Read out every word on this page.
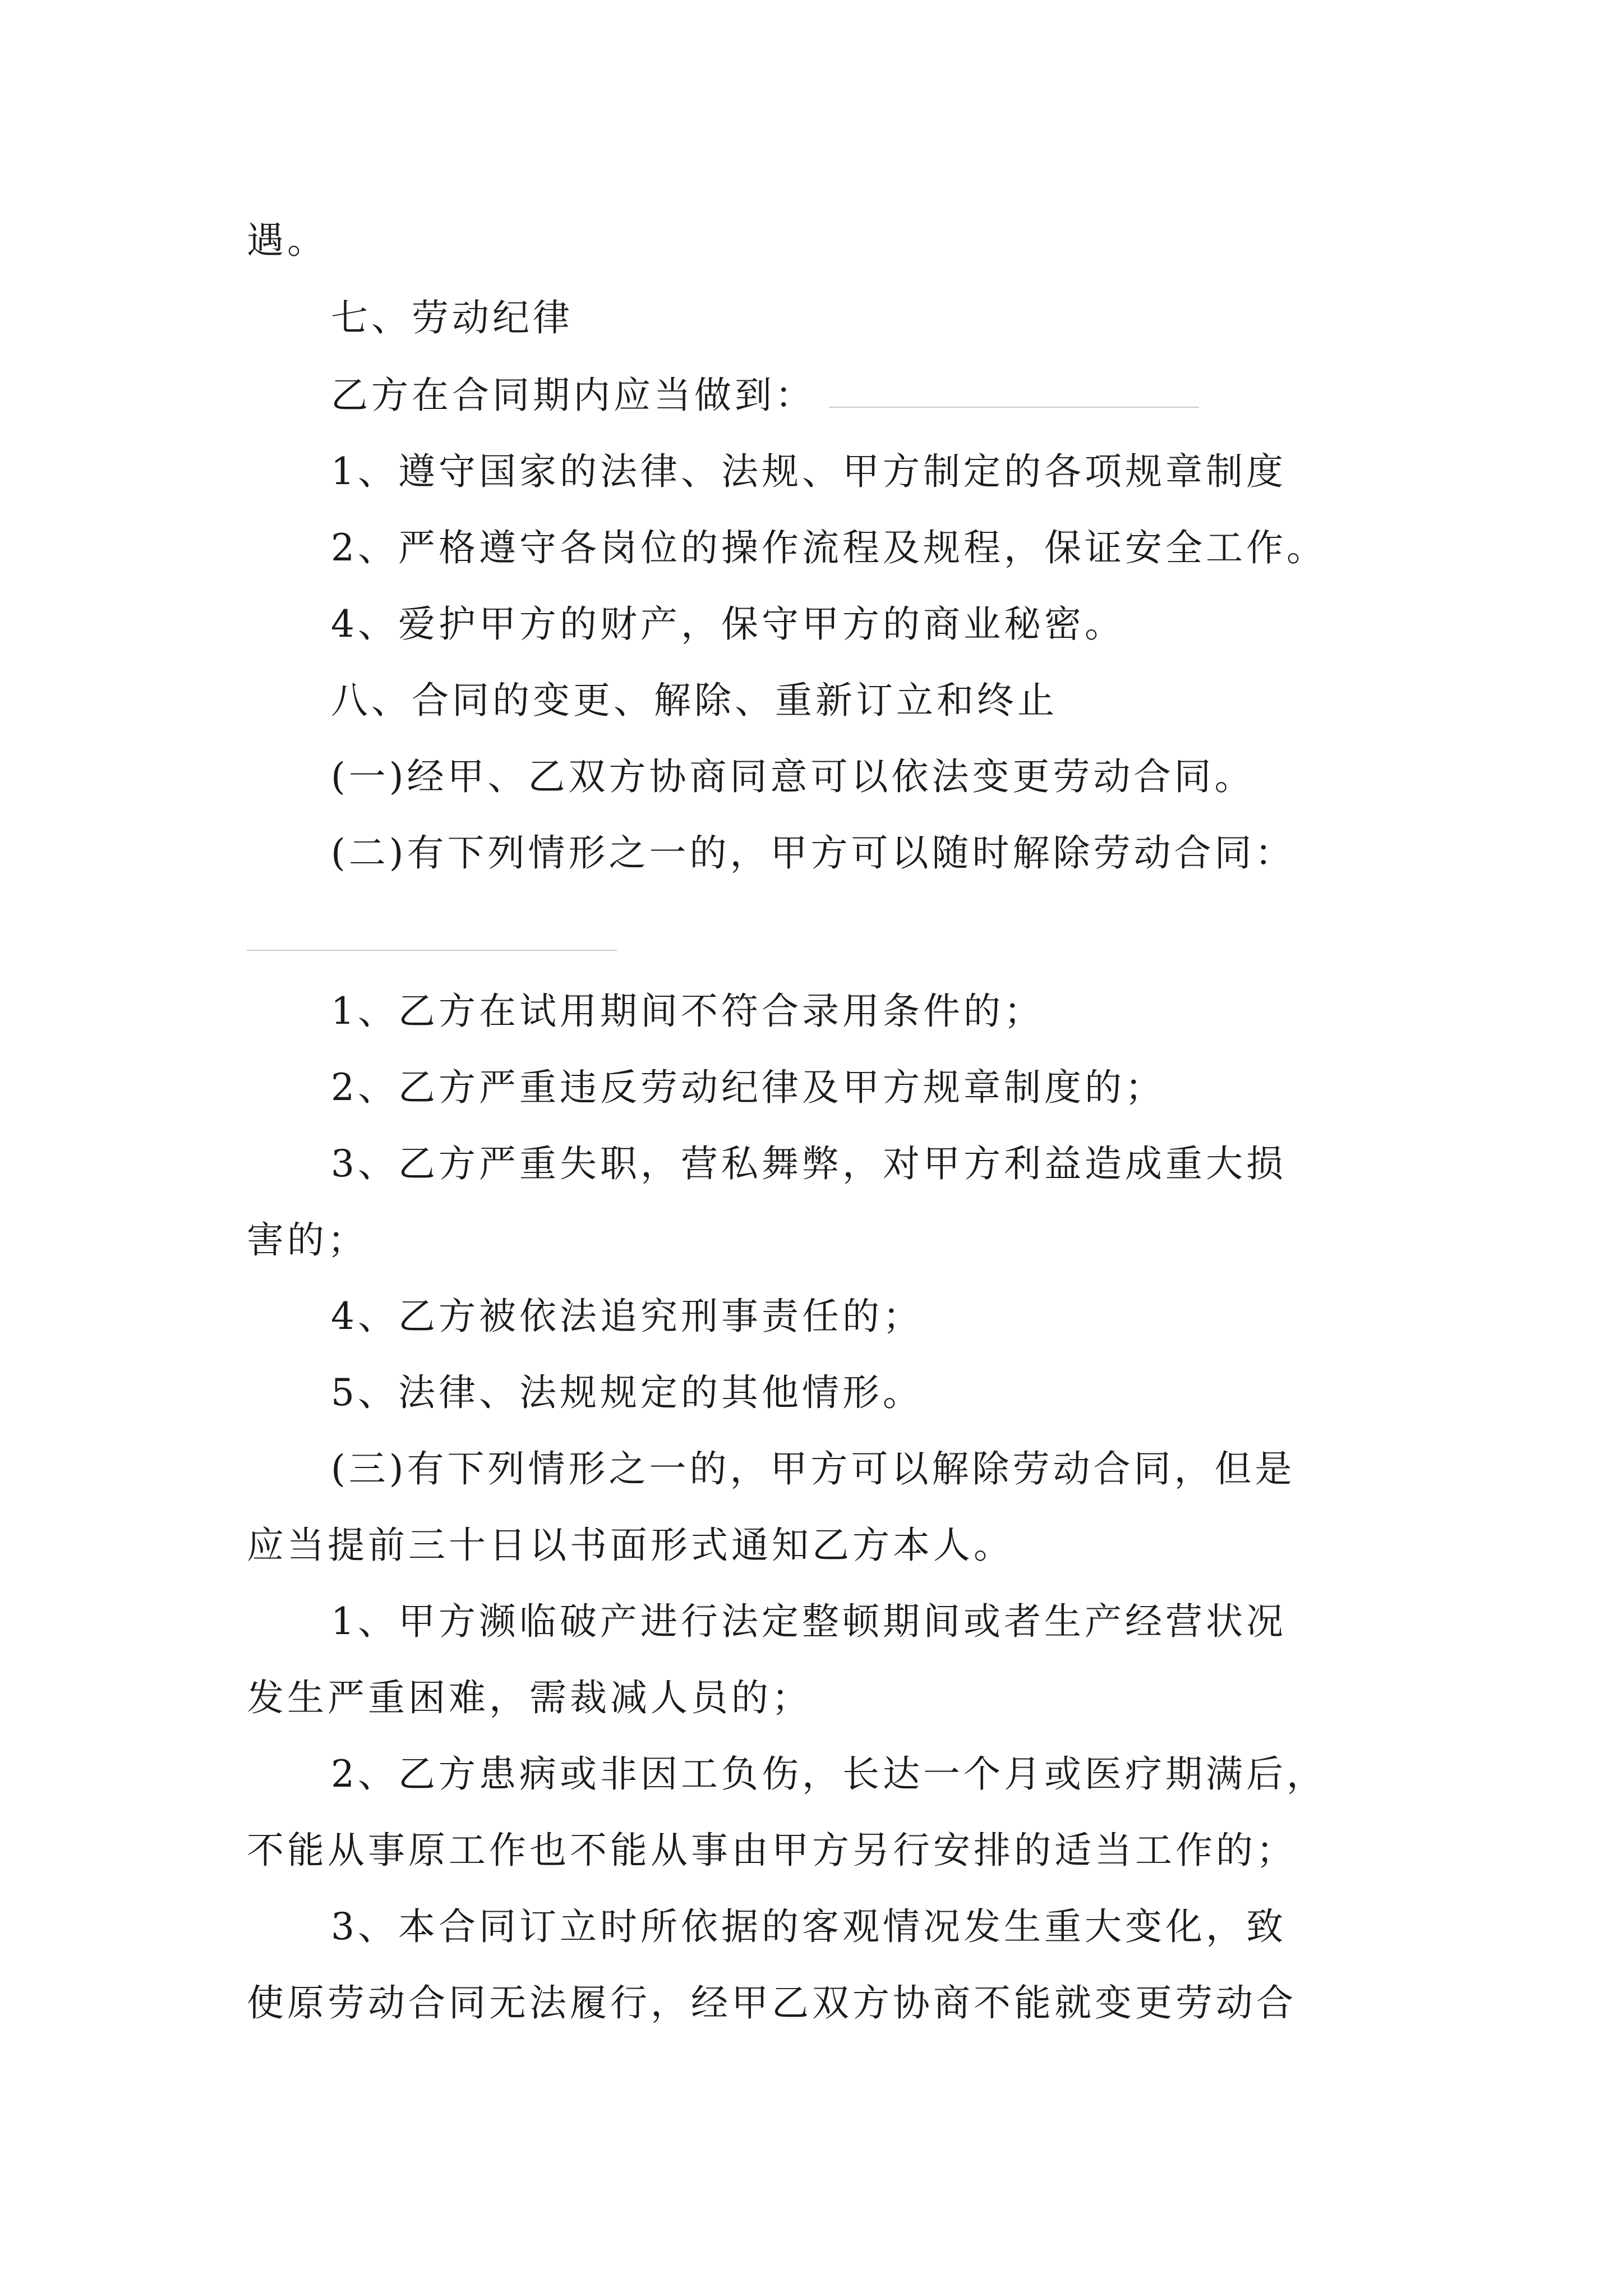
遇。
七、劳动纪律
乙方在合同期内应当做到：
1、遵守国家的法律、法规、甲方制定的各项规章制度
2、严格遵守各岗位的操作流程及规程，保证安全工作。
4、爱护甲方的财产，保守甲方的商业秘密。
八、合同的变更、解除、重新订立和终止
(一)经甲、乙双方协商同意可以依法变更劳动合同。
(二)有下列情形之一的，甲方可以随时解除劳动合同：
1、乙方在试用期间不符合录用条件的；
2、乙方严重违反劳动纪律及甲方规章制度的；
3、乙方严重失职，营私舞弊，对甲方利益造成重大损
害的；
4、乙方被依法追究刑事责任的；
5、法律、法规规定的其他情形。
(三)有下列情形之一的，甲方可以解除劳动合同，但是
应当提前三十日以书面形式通知乙方本人。
1、甲方濒临破产进行法定整顿期间或者生产经营状况
发生严重困难，需裁减人员的；
2、乙方患病或非因工负伤，长达一个月或医疗期满后，
不能从事原工作也不能从事由甲方另行安排的适当工作的；
3、本合同订立时所依据的客观情况发生重大变化，致
使原劳动合同无法履行，经甲乙双方协商不能就变更劳动合
